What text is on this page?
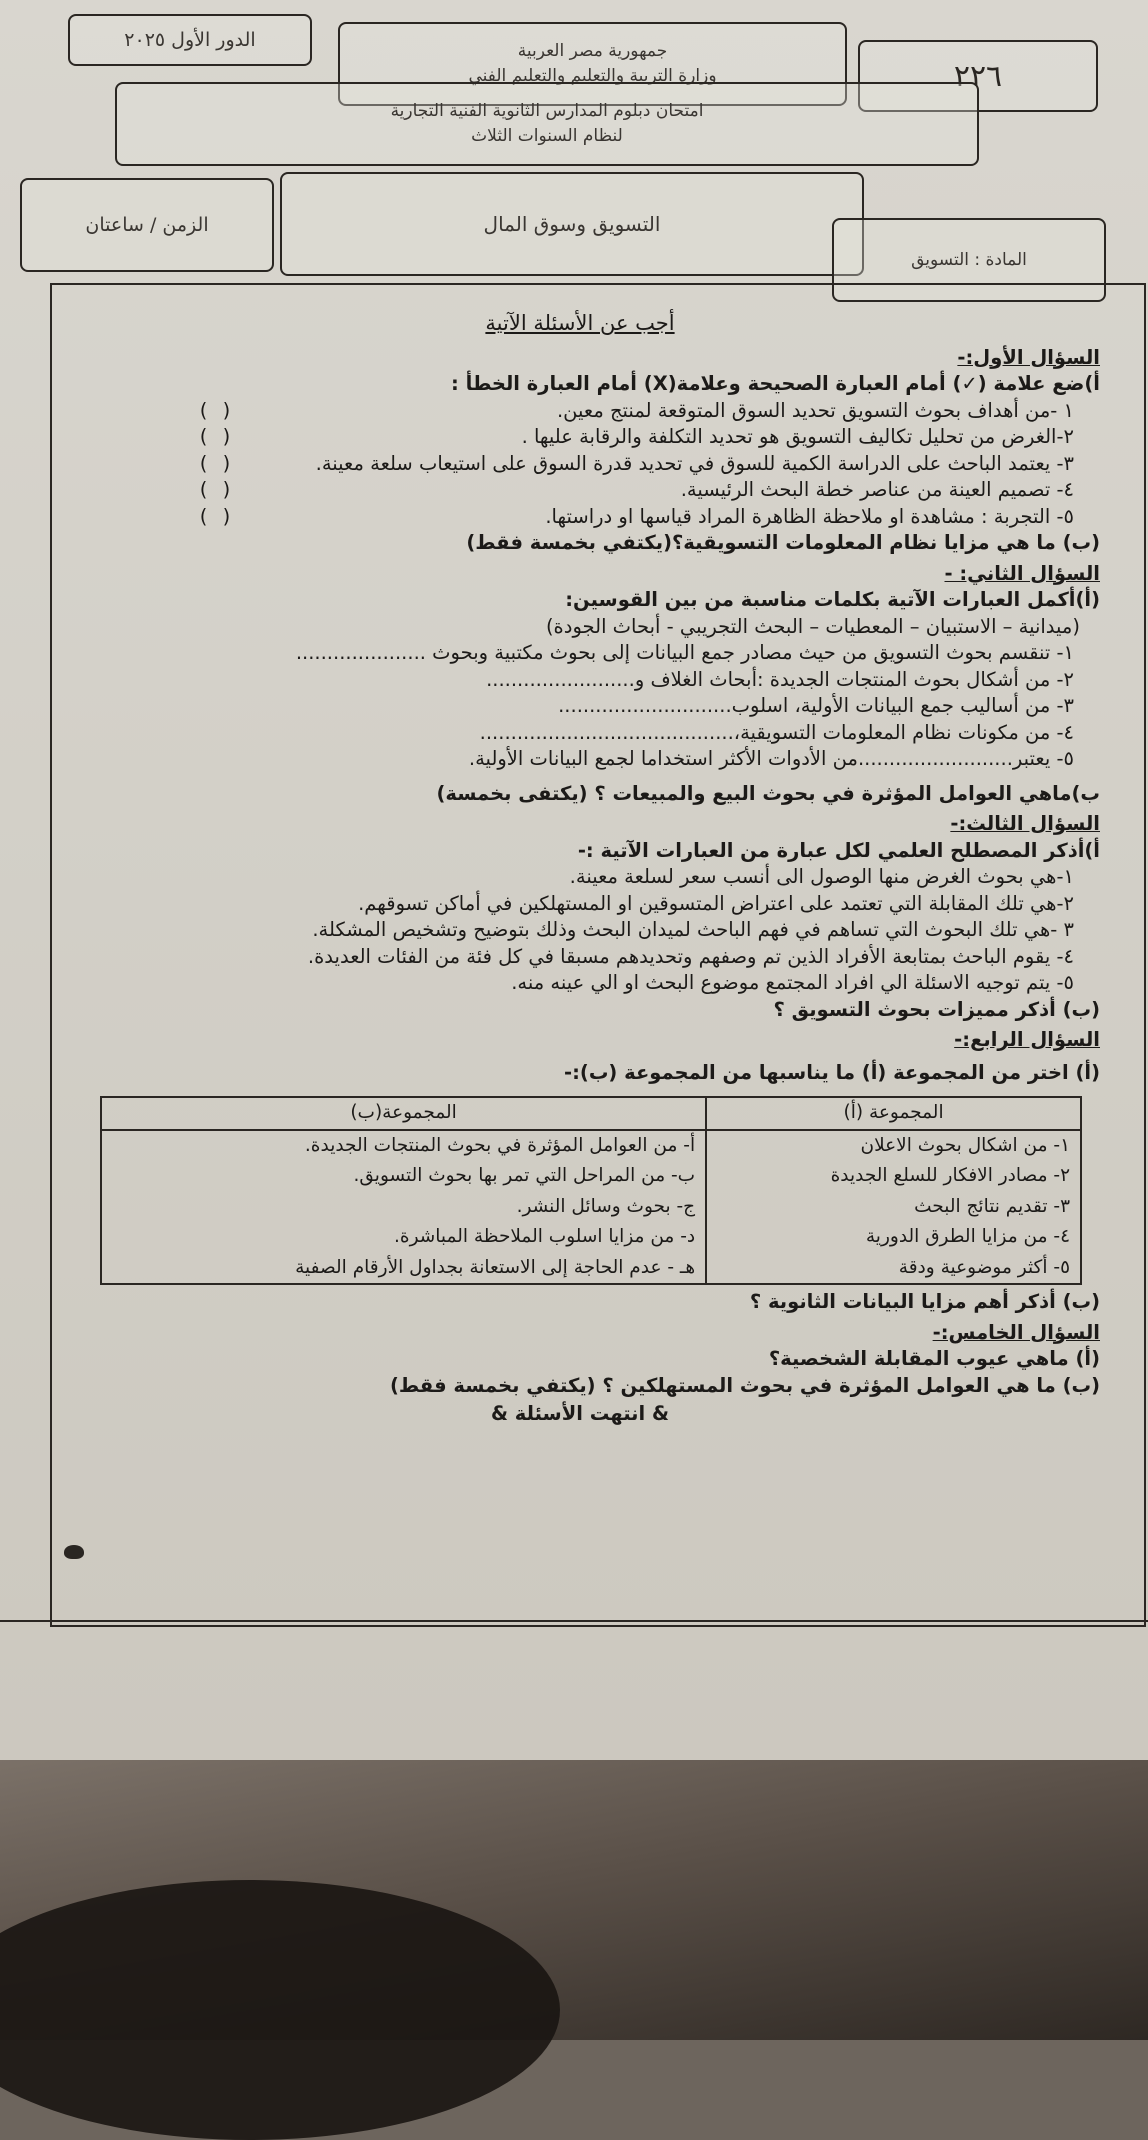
الدور الأول ٢٠٢٥	جمهورية مصر العربية
وزارة التربية والتعليم والتعليم الفني	٢٢٦
امتحان دبلوم المدارس الثانوية الفنية التجارية
لنظام السنوات الثلاث
الزمن / ساعتان	التسويق وسوق المال
المادة : التسويق
أجب عن الأسئلة الآتية
السؤال الأول:-
أ)ضع علامة (✓) أمام العبارة الصحيحة وعلامة(X) أمام العبارة الخطأ :
١ -من أهداف بحوث التسويق تحديد السوق المتوقعة لمنتج معين.
( )
٢-الغرض من تحليل تكاليف التسويق هو تحديد التكلفة والرقابة عليها .
( )
٣- يعتمد الباحث على الدراسة الكمية للسوق في تحديد قدرة السوق على استيعاب سلعة معينة.
( )
٤- تصميم العينة من عناصر خطة البحث الرئيسية.
( )
٥- التجربة : مشاهدة او ملاحظة الظاهرة المراد قياسها او دراستها.
( )
(ب) ما هي مزايا نظام المعلومات التسويقية؟(يكتفي بخمسة فقط)
السؤال الثاني: -
(أ)أكمل العبارات الآتية بكلمات مناسبة من بين القوسين:
(ميدانية – الاستبيان – المعطيات – البحث التجريبي - أبحاث الجودة)
١- تنقسم بحوث التسويق من حيث مصادر جمع البيانات إلى بحوث مكتبية وبحوث .....................
٢- من أشكال بحوث المنتجات الجديدة :أبحاث الغلاف و........................
٣- من أساليب جمع البيانات الأولية، اسلوب............................
٤- من مكونات نظام المعلومات التسويقية،.........................................
٥- يعتبر.........................من الأدوات الأكثر استخداما لجمع البيانات الأولية.
ب)ماهي العوامل المؤثرة في بحوث البيع والمبيعات ؟ (يكتفى بخمسة)
السؤال الثالث:-
أ)أذكر المصطلح العلمي لكل عبارة من العبارات الآتية :-
١-هي بحوث الغرض منها الوصول الى أنسب سعر لسلعة معينة.
٢-هي تلك المقابلة التي تعتمد على اعتراض المتسوقين او المستهلكين في أماكن تسوقهم.
٣ -هي تلك البحوث التي تساهم في فهم الباحث لميدان البحث وذلك بتوضيح وتشخيص المشكلة.
٤- يقوم الباحث بمتابعة الأفراد الذين تم وصفهم وتحديدهم مسبقا في كل فئة من الفئات العديدة.
٥- يتم توجيه الاسئلة الي افراد المجتمع موضوع البحث او الي عينه منه.
(ب) أذكر مميزات بحوث التسويق ؟
السؤال الرابع:-
(أ) اختر من المجموعة (أ) ما يناسبها من المجموعة (ب):-
المجموعة (أ)	المجموعة(ب)
١- من اشكال بحوث الاعلان	أ- من العوامل المؤثرة في بحوث المنتجات الجديدة.
٢- مصادر الافكار للسلع الجديدة	ب- من المراحل التي تمر بها بحوث التسويق.
٣- تقديم نتائج البحث	ج- بحوث وسائل النشر.
٤- من مزايا الطرق الدورية	د- من مزايا اسلوب الملاحظة المباشرة.
٥- أكثر موضوعية ودقة	هـ - عدم الحاجة إلى الاستعانة بجداول الأرقام الصفية
(ب) أذكر أهم مزايا البيانات الثانوية ؟
السؤال الخامس:-
(أ) ماهي عيوب المقابلة الشخصية؟
(ب) ما هي العوامل المؤثرة في بحوث المستهلكين ؟ (يكتفي بخمسة فقط)
& انتهت الأسئلة &
